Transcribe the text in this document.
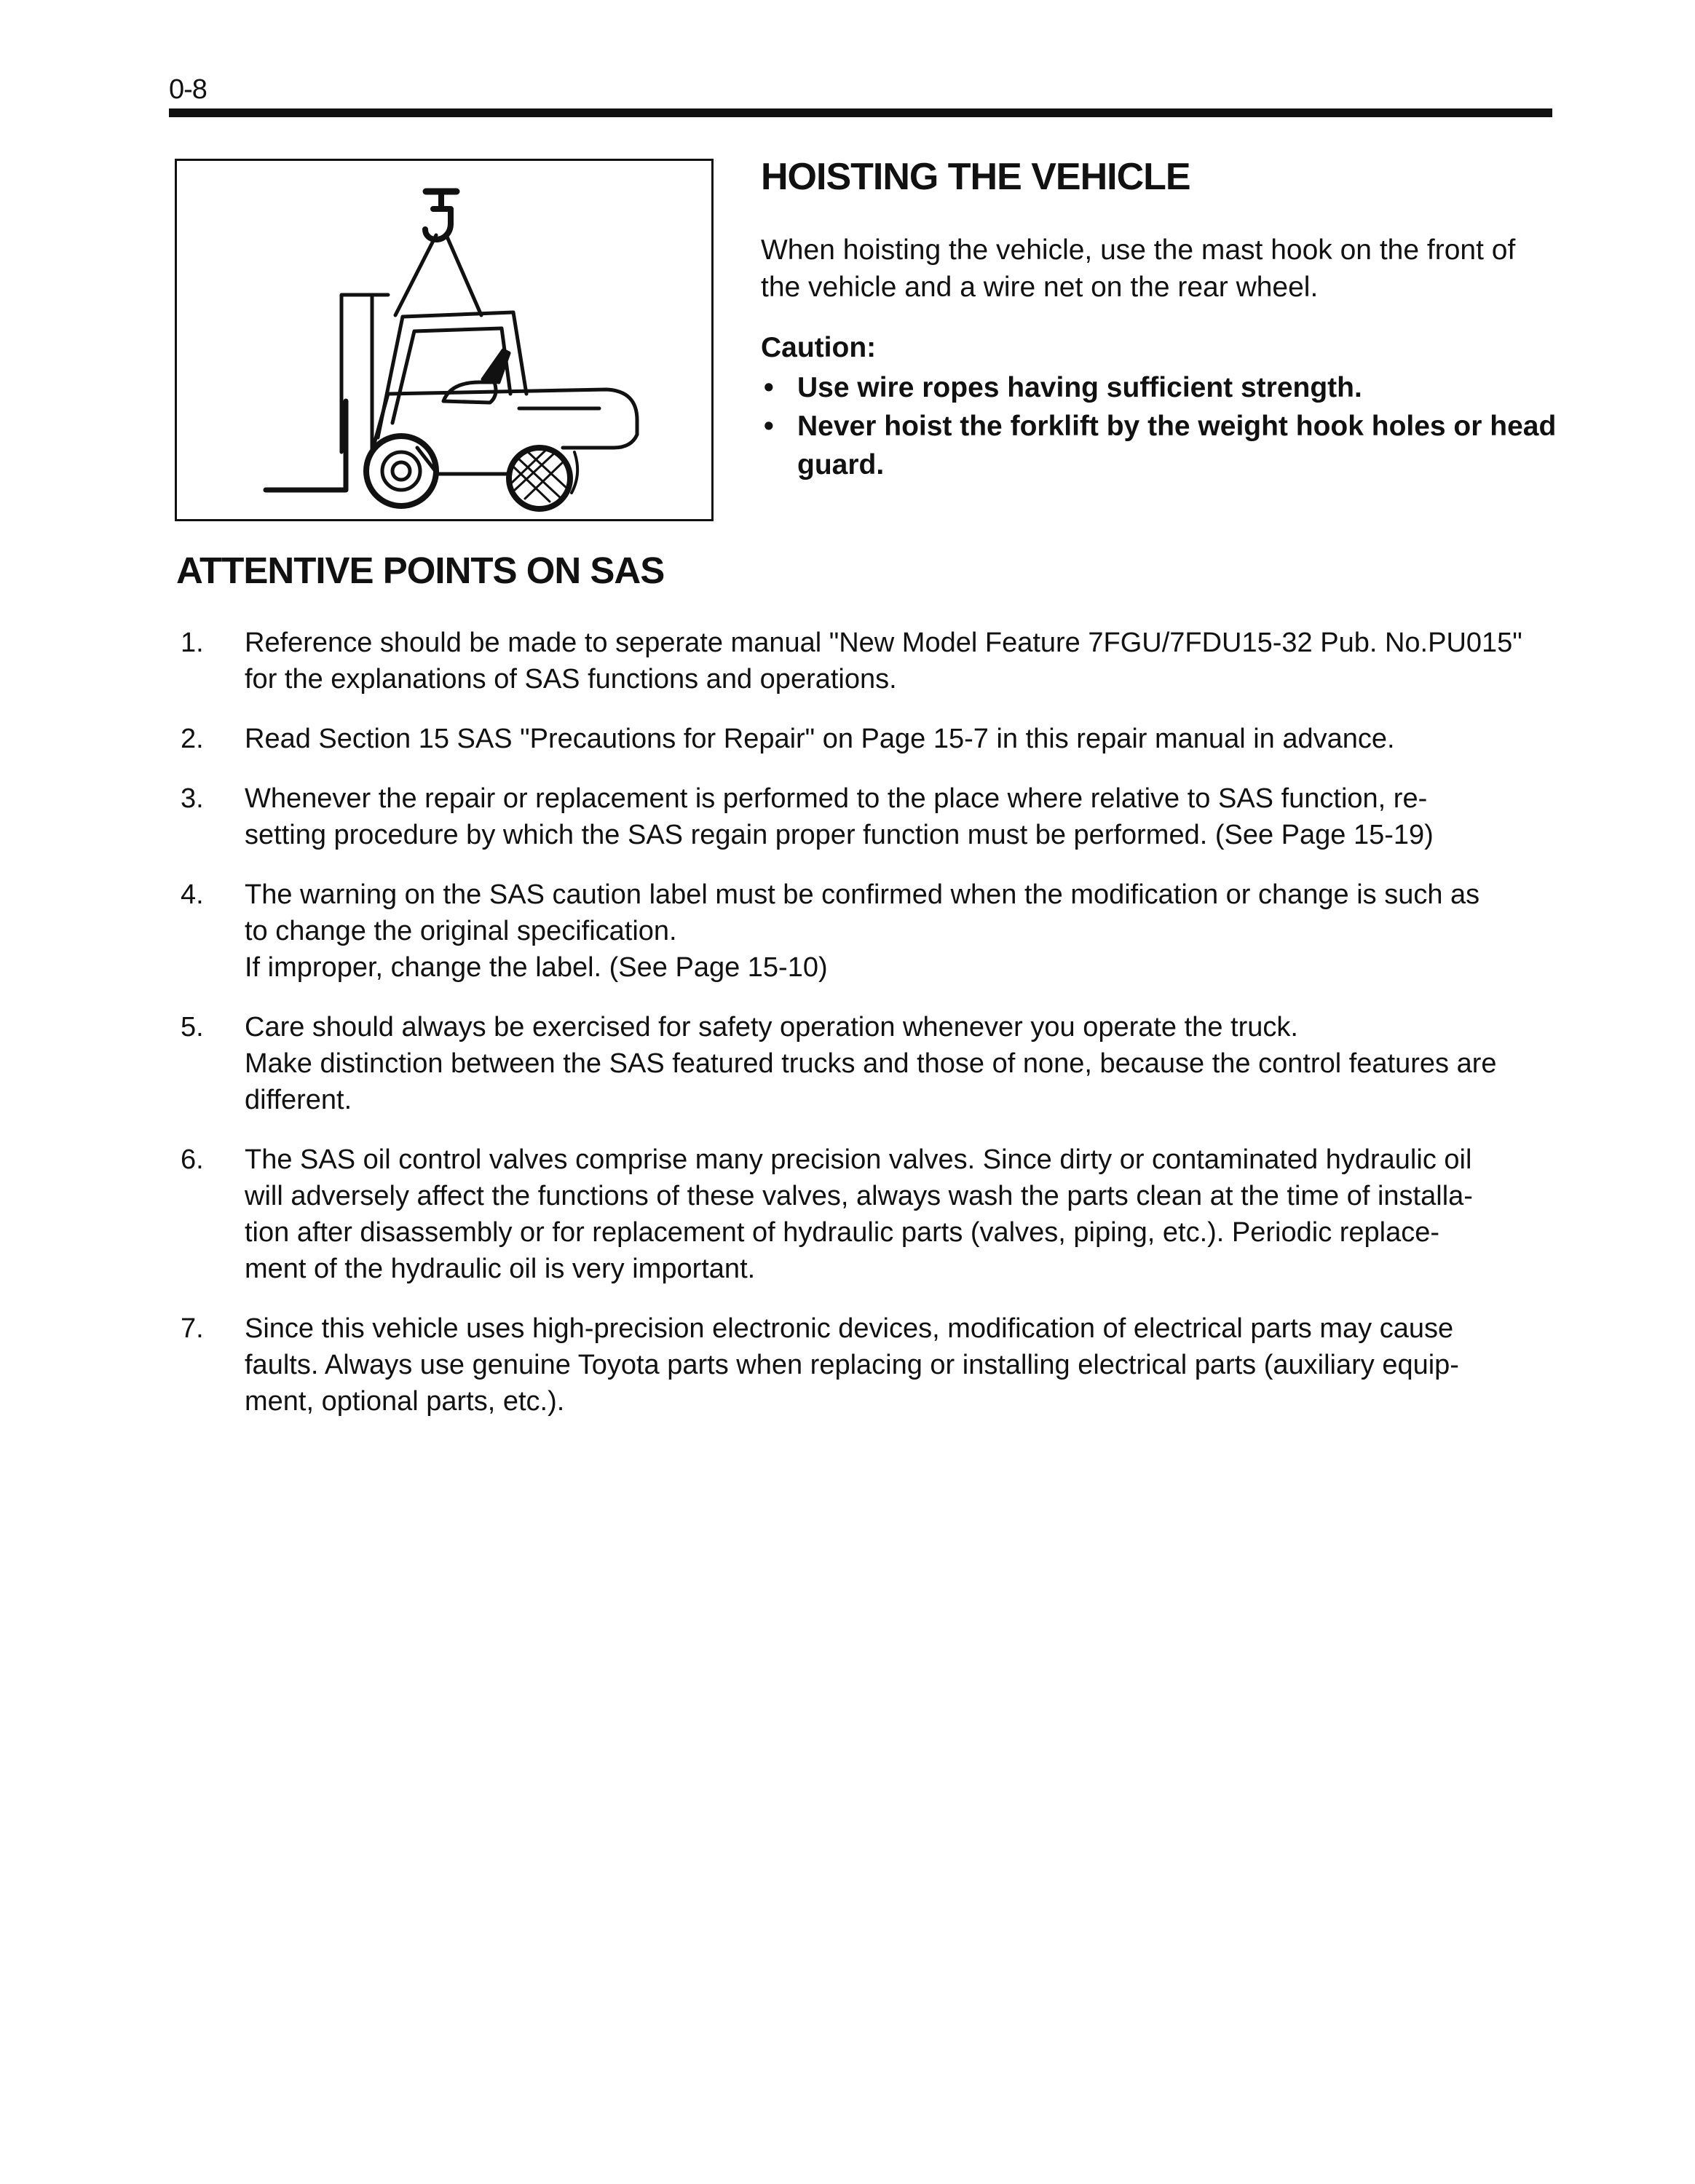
0-8
HOISTING THE VEHICLE

When hoisting the vehicle, use the mast hook on the front of the vehicle and a wire net on the rear wheel.

Caution:

• Use wire ropes having sufficient strength.
• Never hoist the forklift by the weight hook holes or head guard.
ATTENTIVE POINTS ON SAS
1. Reference should be made to seperate manual "New Model Feature 7FGU/7FDU15-32 Pub. No.PU015"
for the explanations of SAS functions and operations.
2. Read Section 15 SAS "Precautions for Repair" on Page 15-7 in this repair manual in advance.
3. Whenever the repair or replacement is performed to the place where relative to SAS function, re-
setting procedure by which the SAS regain proper function must be performed. (See Page 15-19)
4. The warning on the SAS caution label must be confirmed when the modification or change is such as
to change the original specification.
If improper, change the label. (See Page 15-10)
5. Care should always be exercised for safety operation whenever you operate the truck.
Make distinction between the SAS featured trucks and those of none, because the control features are
different.
6. The SAS oil control valves comprise many precision valves. Since dirty or contaminated hydraulic oil
will adversely affect the functions of these valves, always wash the parts clean at the time of installa-
tion after disassembly or for replacement of hydraulic parts (valves, piping, etc.). Periodic replace-
ment of the hydraulic oil is very important.
7. Since this vehicle uses high-precision electronic devices, modification of electrical parts may cause
faults. Always use genuine Toyota parts when replacing or installing electrical parts (auxiliary equip-
ment, optional parts, etc.).
